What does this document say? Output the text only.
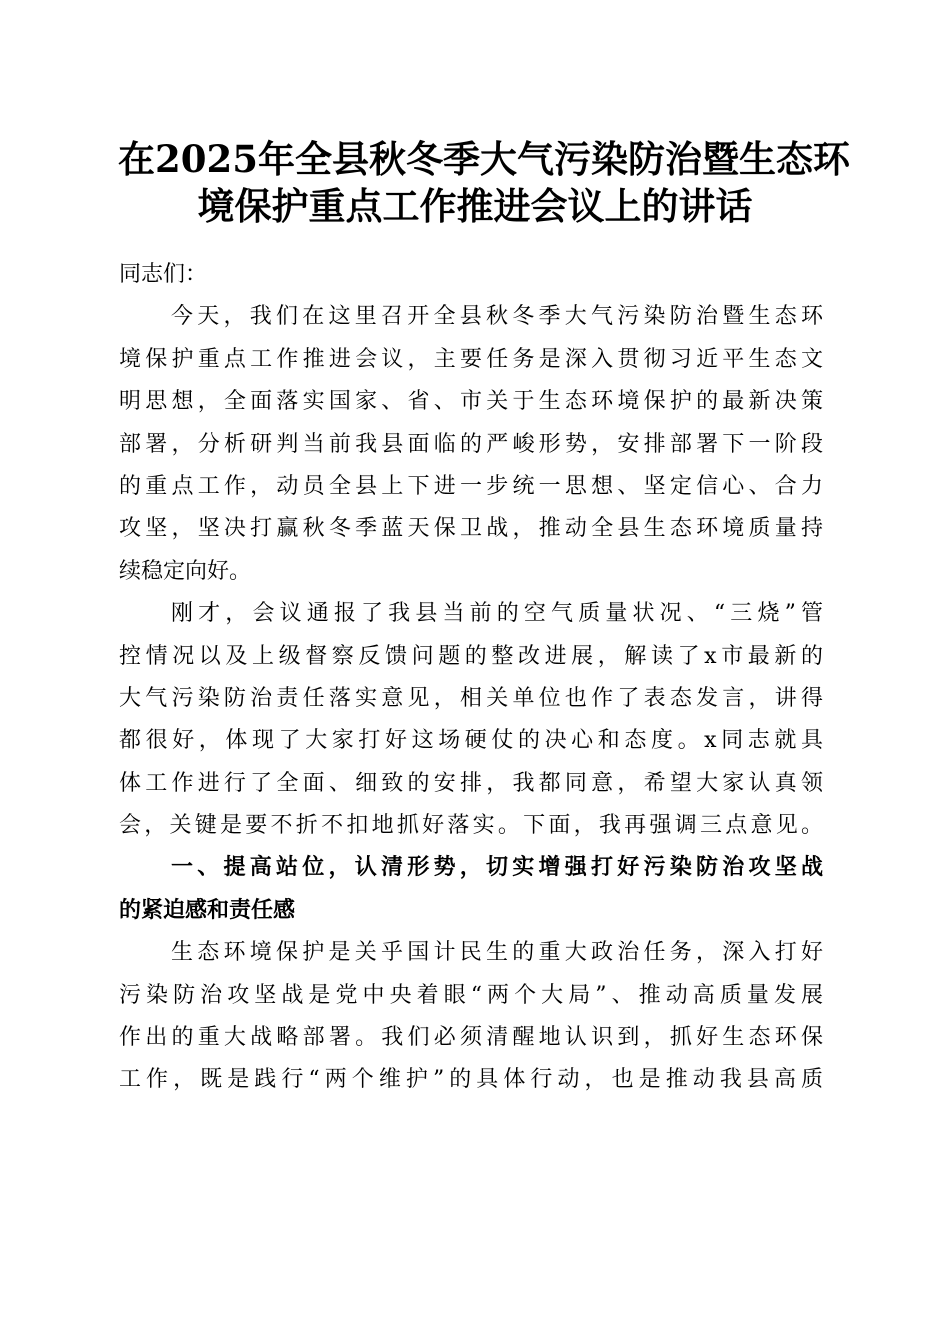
在2025年全县秋冬季大气污染防治暨生态环
境保护重点工作推进会议上的讲话
同志们：
今天，我们在这里召开全县秋冬季大气污染防治暨生态环
境保护重点工作推进会议，主要任务是深入贯彻习近平生态文
明思想，全面落实国家、省、市关于生态环境保护的最新决策
部署，分析研判当前我县面临的严峻形势，安排部署下一阶段
的重点工作，动员全县上下进一步统一思想、坚定信心、合力
攻坚，坚决打赢秋冬季蓝天保卫战，推动全县生态环境质量持
续稳定向好。
刚才，会议通报了我县当前的空气质量状况、“三烧”管
控情况以及上级督察反馈问题的整改进展，解读了x市最新的
大气污染防治责任落实意见，相关单位也作了表态发言，讲得
都很好，体现了大家打好这场硬仗的决心和态度。x同志就具
体工作进行了全面、细致的安排，我都同意，希望大家认真领
会，关键是要不折不扣地抓好落实。下面，我再强调三点意见。
一、提高站位，认清形势，切实增强打好污染防治攻坚战
的紧迫感和责任感
生态环境保护是关乎国计民生的重大政治任务，深入打好
污染防治攻坚战是党中央着眼“两个大局”、推动高质量发展
作出的重大战略部署。我们必须清醒地认识到，抓好生态环保
工作，既是践行“两个维护”的具体行动，也是推动我县高质
